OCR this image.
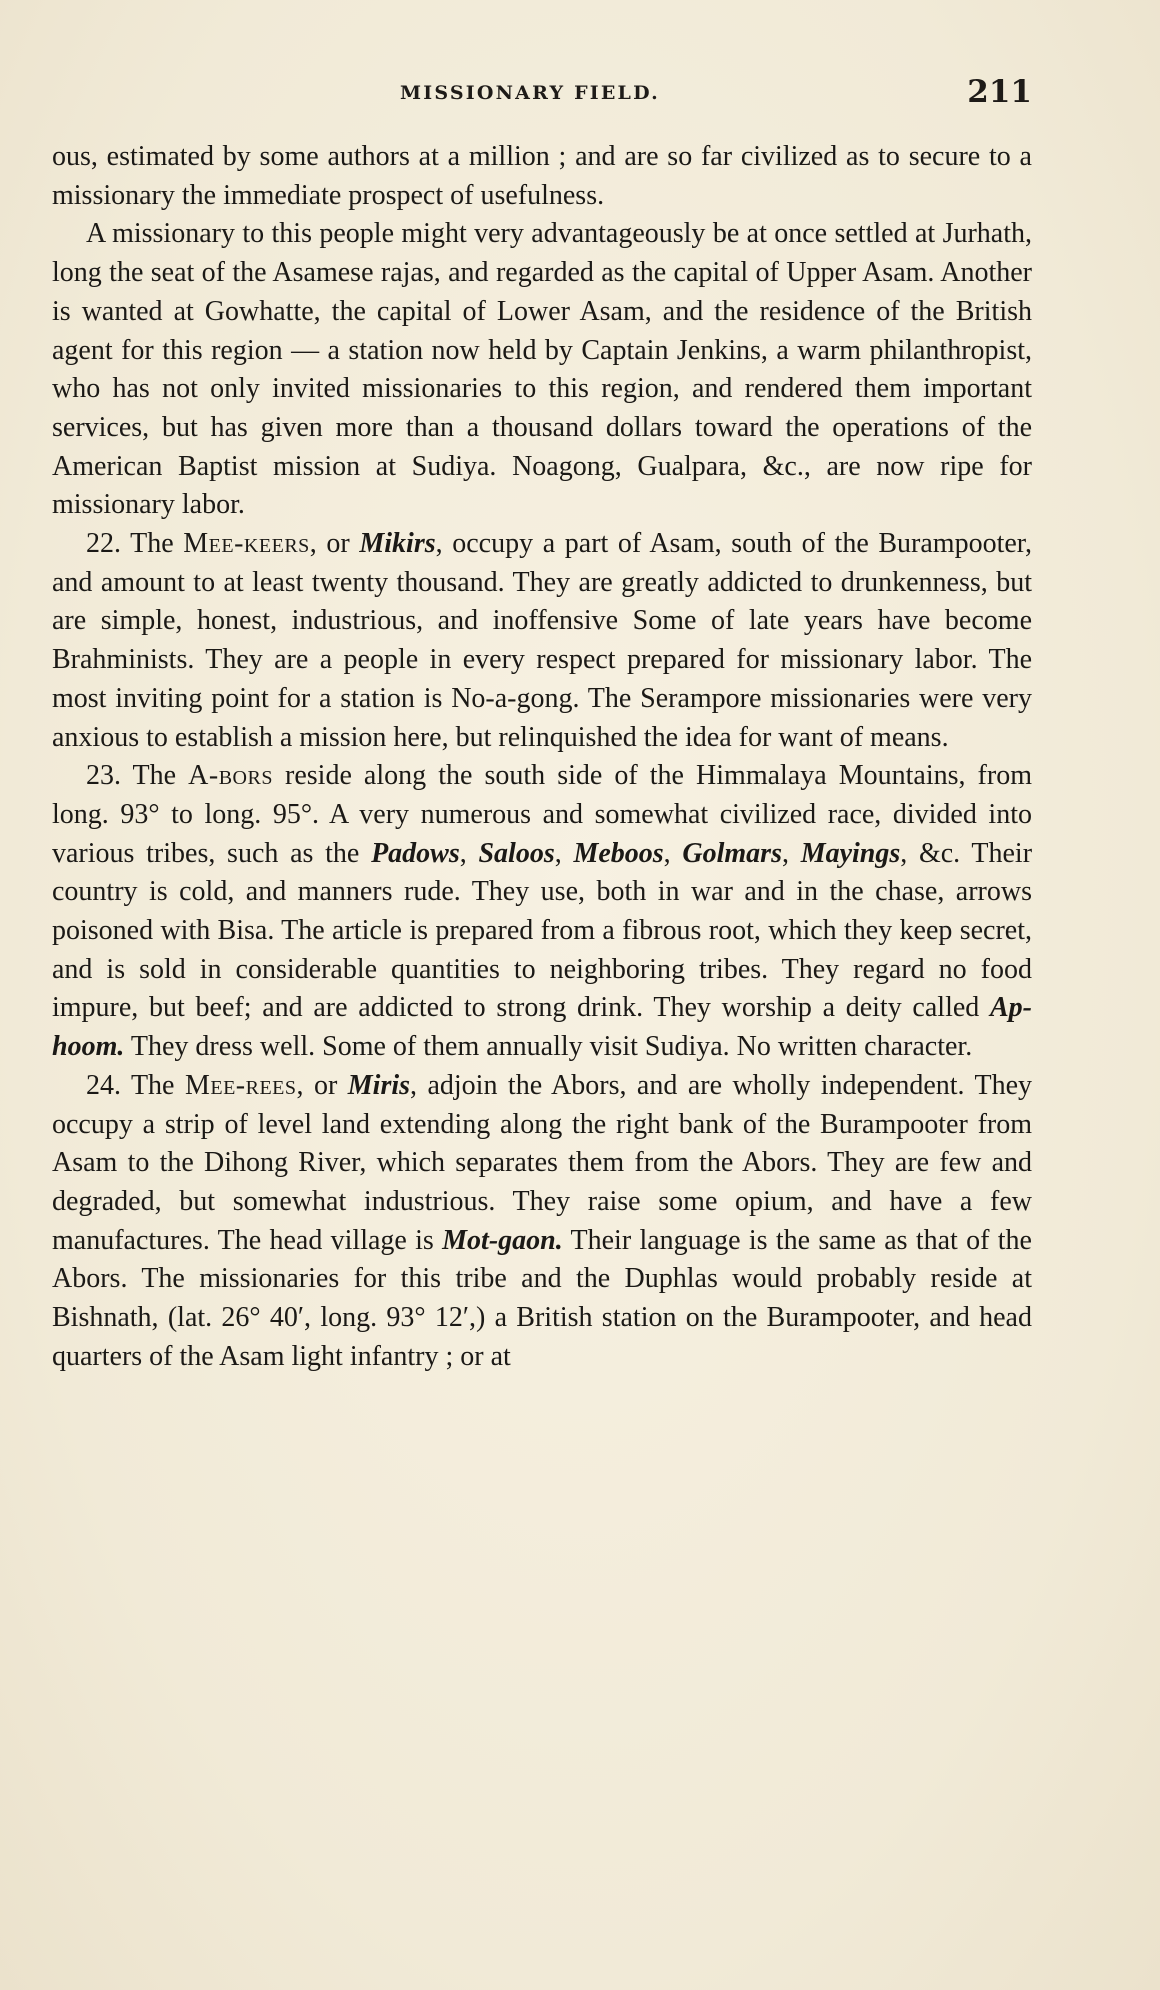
MISSIONARY FIELD.	211

ous, estimated by some authors at a million ; and are so far civilized as to secure to a missionary the immediate prospect of usefulness.

A missionary to this people might very advantageously be at once settled at Jurhath, long the seat of the Asamese rajas, and regarded as the capital of Upper Asam. Another is wanted at Gowhatte, the capital of Lower Asam, and the residence of the British agent for this region — a station now held by Captain Jenkins, a warm philanthropist, who has not only invited missionaries to this region, and rendered them important services, but has given more than a thousand dollars toward the operations of the American Baptist mission at Sudiya. Noagong, Gualpara, &c., are now ripe for missionary labor.

22. The Mee-keers, or Mikirs, occupy a part of Asam, south of the Burampooter, and amount to at least twenty thousand. They are greatly addicted to drunkenness, but are simple, honest, industrious, and inoffensive Some of late years have become Brahminists. They are a people in every respect prepared for missionary labor. The most inviting point for a station is No-a-gong. The Serampore missionaries were very anxious to establish a mission here, but relinquished the idea for want of means.

23. The A-bors reside along the south side of the Himmalaya Mountains, from long. 93° to long. 95°. A very numerous and somewhat civilized race, divided into various tribes, such as the Padows, Saloos, Meboos, Golmars, Mayings, &c. Their country is cold, and manners rude. They use, both in war and in the chase, arrows poisoned with Bisa. The article is prepared from a fibrous root, which they keep secret, and is sold in considerable quantities to neighboring tribes. They regard no food impure, but beef; and are addicted to strong drink. They worship a deity called Ap-hoom. They dress well. Some of them annually visit Sudiya. No written character.

24. The Mee-rees, or Miris, adjoin the Abors, and are wholly independent. They occupy a strip of level land extending along the right bank of the Burampooter from Asam to the Dihong River, which separates them from the Abors. They are few and degraded, but somewhat industrious. They raise some opium, and have a few manufactures. The head village is Mot-gaon. Their language is the same as that of the Abors. The missionaries for this tribe and the Duphlas would probably reside at Bishnath, (lat. 26° 40′, long. 93° 12′,) a British station on the Burampooter, and head quarters of the Asam light infantry ; or at
